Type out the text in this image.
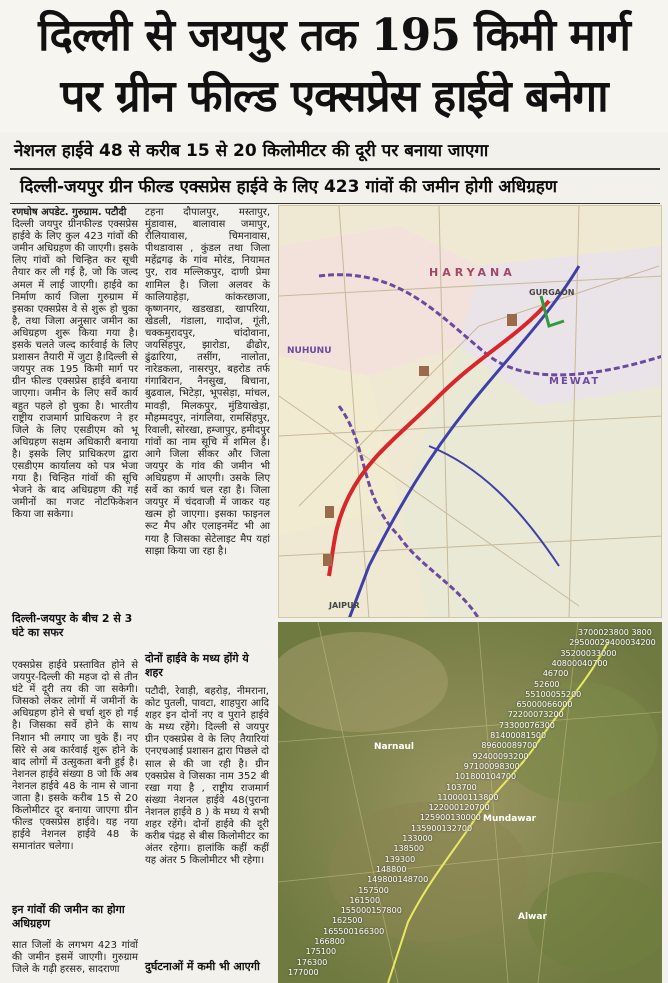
दिल्ली से जयपुर तक 195 किमी मार्ग
पर ग्रीन फील्ड एक्सप्रेस हाईवे बनेगा
नेशनल हाईवे 48 से करीब 15 से 20 किलोमीटर की दूरी पर बनाया जाएगा
दिल्ली-जयपुर ग्रीन फील्ड एक्सप्रेस हाईवे के लिए 423 गांवों की जमीन होगी अधिग्रहण
रणघोष अपडेट. गुरुग्राम. पटौदी
दिल्ली जयपुर ग्रीनफील्ड एक्सप्रेस हाईवे के लिए कुल 423 गांवों की जमीन अधिग्रहण की जाएगी। इसके लिए गांवों को चिन्हित कर सूची तैयार कर ली गई है, जो कि जल्द अमल में लाई जाएगी। हाईवे का निर्माण कार्य जिला गुरुग्राम में इसका एक्सप्रेस वे से शुरू हो चुका है, तथा जिला अनुसार जमीन का अधिग्रहण शुरू किया गया है। इसके चलते जल्द कार्रवाई के लिए प्रशासन तैयारी में जुटा है।दिल्ली से जयपुर तक 195 किमी मार्ग पर ग्रीन फील्ड एक्सप्रेस हाईवे बनाया जाएगा। जमीन के लिए सर्वे कार्य बहुत पहले हो चुका है। भारतीय राष्ट्रीय राजमार्ग प्राधिकरण ने हर जिले के लिए एसडीएम को भू अधिग्रहण सक्षम अधिकारी बनाया है। इसके लिए प्राधिकरण द्वारा एसडीएम कार्यालय को पत्र भेजा गया है। चिन्हित गांवों की सूचि भेजने के बाद अधिग्रहण की गई जमीनों का गजट नोटफिकेशन किया जा सकेगा।
दिल्ली-जयपुर के बीच 2 से 3 घंटे का सफर
एक्सप्रेस हाईवे प्रस्तावित होने से जयपुर-दिल्ली की महज दो से तीन घंटे में दूरी तय की जा सकेगी। जिसको लेकर लोगों में जमीनों के अधिग्रहण होने से चर्चा शुरु हो गई है। जिसका सर्वे होने के साथ निशान भी लगाए जा चुके हैं। नए सिरे से अब कार्रवाई शुरू होने के बाद लोगों में उत्सुकता बनी हुई है।नेशनल हाईवे संख्या 8 जो कि अब नेशनल हाईवे 48 के नाम से जाना जाता है। इसके करीब 15 से 20 किलोमीटर दूर बनाया जाएगा ग्रीन फील्ड एक्सप्रेस हाईवे। यह नया हाईवे नेशनल हाईवे 48 के समानांतर चलेगा।
इन गांवों की जमीन का होगा अधिग्रहण
सात जिलों के लगभग 423 गांवों की जमीन इसमें जाएगी। गुरुग्राम जिले के गढ़ी हरसरु, सादराणा
टहना दौपालपुर, मस्तापुर, मुंडावास, बालावास जमापुर, रौलियावास, चिमनावास, पीथडावास , कुंडल तथा जिला महेंद्रगढ़ के गांव मोरंड, नियामत पुर, राव मल्लिकपुर, दाणी प्रेमा शामिल है। जिला अलवर के कालियाहेड़ा, कांकरछाजा, कृष्णनगर, खडखडा, खापरिया, खेडली, गंडाला, गादोज, गूंती, चक्कमुरादपुर, चांदोवाना, जयसिंहपुर, झारोडा, ढीढोर, ढुंढारिया, तसींग, नालोता, नारेडकला, नासरपुर, बहरोड तर्फ गंगाबिरान, नैनसुख, बिचाना, बुढवाल, भिटेड़ा, भूपसेड़ा, मांचल, मावड़ी, मिलकपुर, मुंडियाखेड़ा, मौहम्मदपुर, नांगलिया, रामसिंहपुर, रिवाली, सोरखा, हम्जापुर, हमीदपुर गांवों का नाम सूचि में शमिल है। आगे जिला सीकर और जिला जयपुर के गांव की जमीन भी अधिग्रहण में आएगी। उसके लिए सर्वे का कार्य चल रहा है। जिला जयपुर में चंदवाजी में जाकर यह खत्म हो जाएगा। इसका फाइनल रूट मैप और एलाइनमेंट भी आ गया है जिसका सेटेलाइट मैप यहां साझा किया जा रहा है।
दोनों हाईवे के मध्य होंगे ये शहर
पटौदी, रेवाड़ी, बहरोड़, नीमराना, कोट पुतली, पावटा, शाहपुरा आदि शहर इन दोनों नए व पुराने हाईवे के मध्य रहेंगे। दिल्ली से जयपुर ग्रीन एक्सप्रेस वे के लिए तैयारियां एनएचआई प्रशासन द्वारा पिछले दो साल से की जा रही है। ग्रीन एक्सप्रेस वे जिसका नाम 352 बी रखा गया है , राष्ट्रीय राजमार्ग संख्या नेशनल हाईवे 48(पुराना नेशनल हाईवे 8 ) के मध्य ये सभी शहर रहेंगे। दोनों हाईवे की दूरी करीब पंद्रह से बीस किलोमीटर का अंतर रहेगा। हालांकि कहीं कहीं यह अंतर 5 किलोमीटर भी रहेगा।
दुर्घटनाओं में कमी भी आएगी
HARYANA
NUHUNU
MEWAT
GURGAON
JAIPUR
Narnaul
Mundawar
Alwar
3700023800 3800
29500029400034200
35200033000
40800040700
46700
52600
55100055200
65000066000
72200073200
73300076300
81400081500
89600089700
92400093200
97100098300
101800104700
103700
110000113800
122000120700
125900130000
135900132700
133000
138500
139300
148800
149800148700
157500
161500
155000157800
162500
165500166300
166800
175100
176300
177000
